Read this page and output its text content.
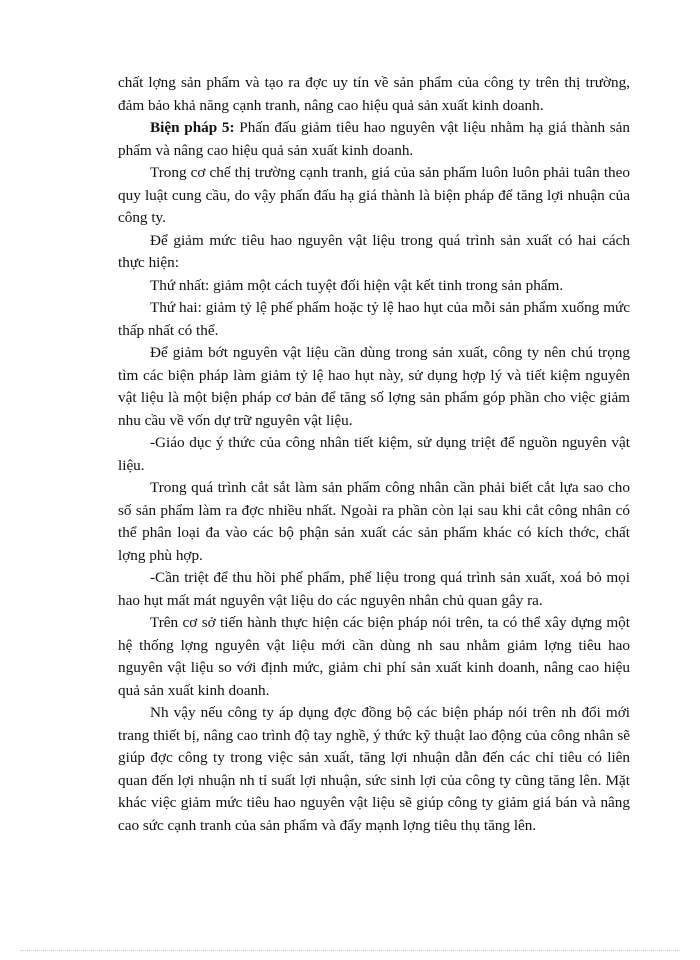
chất lợng sản phẩm và tạo ra đợc uy tín về sản phẩm của công ty trên thị trường, đảm bảo khả năng cạnh tranh, nâng cao hiệu quả sản xuất kinh doanh.

Biện pháp 5: Phấn đấu giảm tiêu hao nguyên vật liệu nhằm hạ giá thành sản phẩm và nâng cao hiệu quả sản xuất kinh doanh.

Trong cơ chế thị trường cạnh tranh, giá của sản phẩm luôn luôn phải tuân theo quy luật cung cầu, do vậy phấn đấu hạ giá thành là biện pháp để tăng lợi nhuận của công ty.

Để giảm mức tiêu hao nguyên vật liệu trong quá trình sản xuất có hai cách thực hiện:

Thứ nhất: giảm một cách tuyệt đối hiện vật kết tinh trong sản phẩm.

Thứ hai: giảm tỷ lệ phế phẩm hoặc tỷ lệ hao hụt của mỗi sản phẩm xuống mức thấp nhất có thể.

Để giảm bớt nguyên vật liệu cần dùng trong sản xuất, công ty nên chú trọng tìm các biện pháp làm giảm tỷ lệ hao hụt này, sử dụng hợp lý và tiết kiệm nguyên vật liệu là một biện pháp cơ bản để tăng số lợng sản phẩm góp phần cho việc giảm nhu cầu về vốn dự trữ nguyên vật liệu.

-Giáo dục ý thức của công nhân tiết kiệm, sử dụng triệt để nguồn nguyên vật liệu.

Trong quá trình cắt sắt làm sản phẩm công nhân cần phải biết cắt lựa sao cho số sản phẩm làm ra đợc nhiều nhất. Ngoài ra phần còn lại sau khi cắt công nhân có thể phân loại đa vào các bộ phận sản xuất các sản phẩm khác có kích thớc, chất lợng phù hợp.

-Cần triệt để thu hồi phế phẩm, phế liệu trong quá trình sản xuất, xoá bỏ mọi hao hụt mất mát nguyên vật liệu do các nguyên nhân chủ quan gây ra.

Trên cơ sở tiến hành thực hiện các biện pháp nói trên, ta có thể xây dựng một hệ thống lợng nguyên vật liệu mới cần dùng nh sau nhằm giảm lợng tiêu hao nguyên vật liệu so với định mức, giảm chi phí sản xuất kinh doanh, nâng cao hiệu quả sản xuất kinh doanh.

Nh vậy nếu công ty áp dụng đợc đồng bộ các biện pháp nói trên nh đổi mới trang thiết bị, nâng cao trình độ tay nghề, ý thức kỹ thuật lao động của công nhân sẽ giúp đợc công ty trong việc sản xuất, tăng lợi nhuận dẫn đến các chỉ tiêu có liên quan đến lợi nhuận nh tỉ suất lợi nhuận, sức sinh lợi của công ty cũng tăng lên. Mặt khác việc giảm mức tiêu hao nguyên vật liệu sẽ giúp công ty giảm giá bán và nâng cao sức cạnh tranh của sản phẩm và đẩy mạnh lợng tiêu thụ tăng lên.
